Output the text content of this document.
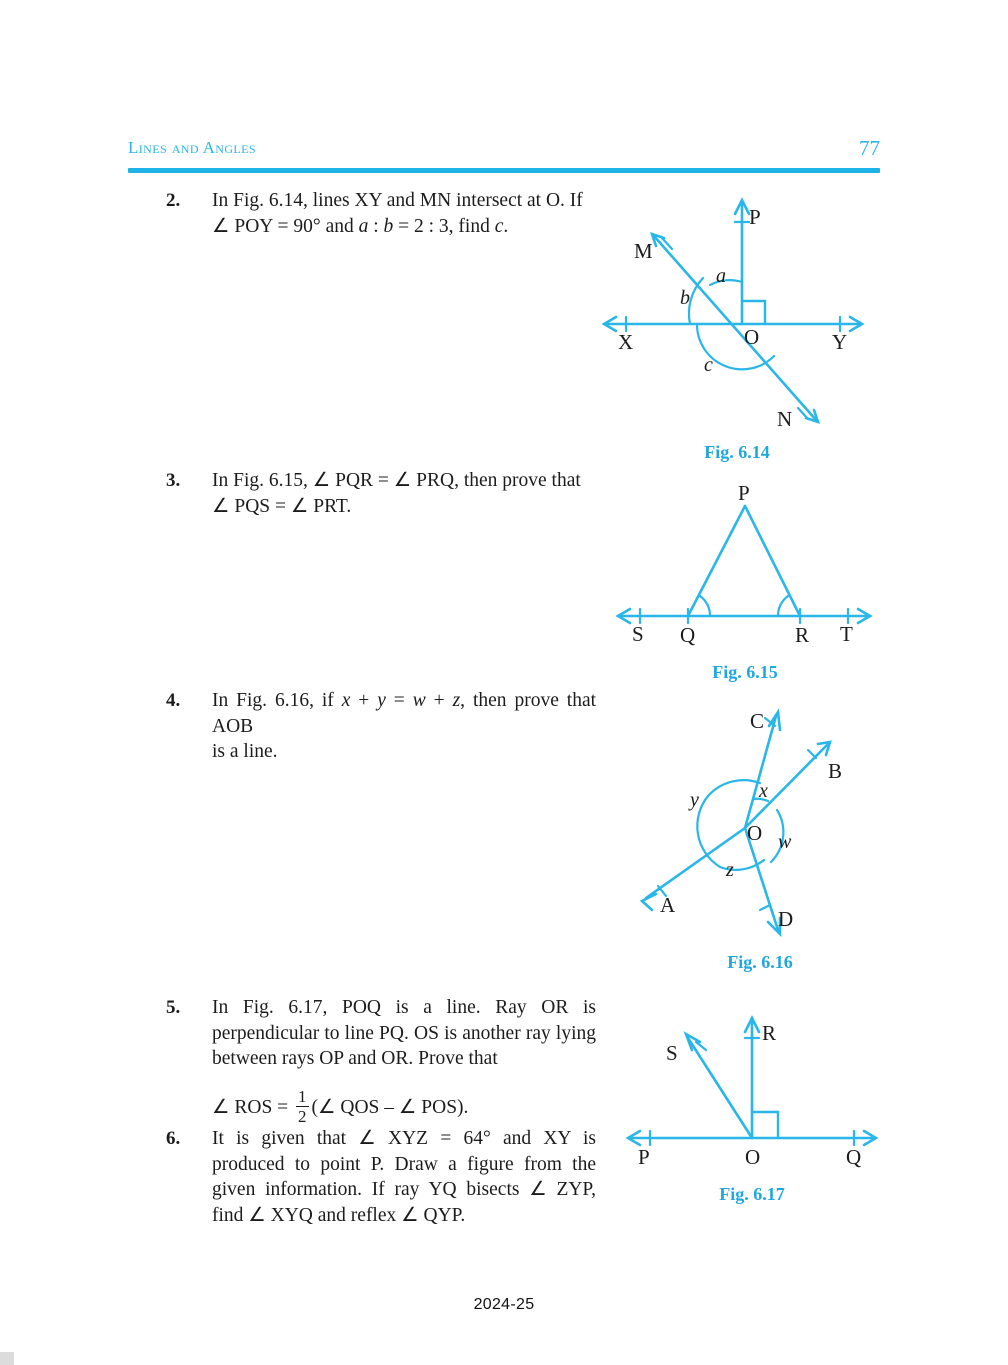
Lines and Angles	77
2. In Fig. 6.14, lines XY and MN intersect at O. If
∠ POY = 90° and a : b = 2 : 3, find c.	P
M
N
X	Y
O
a
b
c
Fig. 6.14
3. In Fig. 6.15, ∠ PQR = ∠ PRQ, then prove that
∠ PQS = ∠ PRT.
P
S Q	R T
Fig. 6.15
4. In Fig. 6.16, if x + y = w + z, then prove that AOB
is a line.
C
B
A
D
O
x
y
z
w
Fig. 6.16
5. In Fig. 6.17, POQ is a line. Ray OR is perpendicular to line PQ. OS is another ray lying between rays OP and OR. Prove that
∠ ROS = $\frac{1}{2}$ (∠ QOS – ∠ POS).
R
S
P	O	Q
Fig. 6.17
6. It is given that ∠ XYZ = 64° and XY is produced to point P. Draw a figure from the given information. If ray YQ bisects ∠ ZYP, find ∠ XYQ and reflex ∠ QYP.
2024-25
